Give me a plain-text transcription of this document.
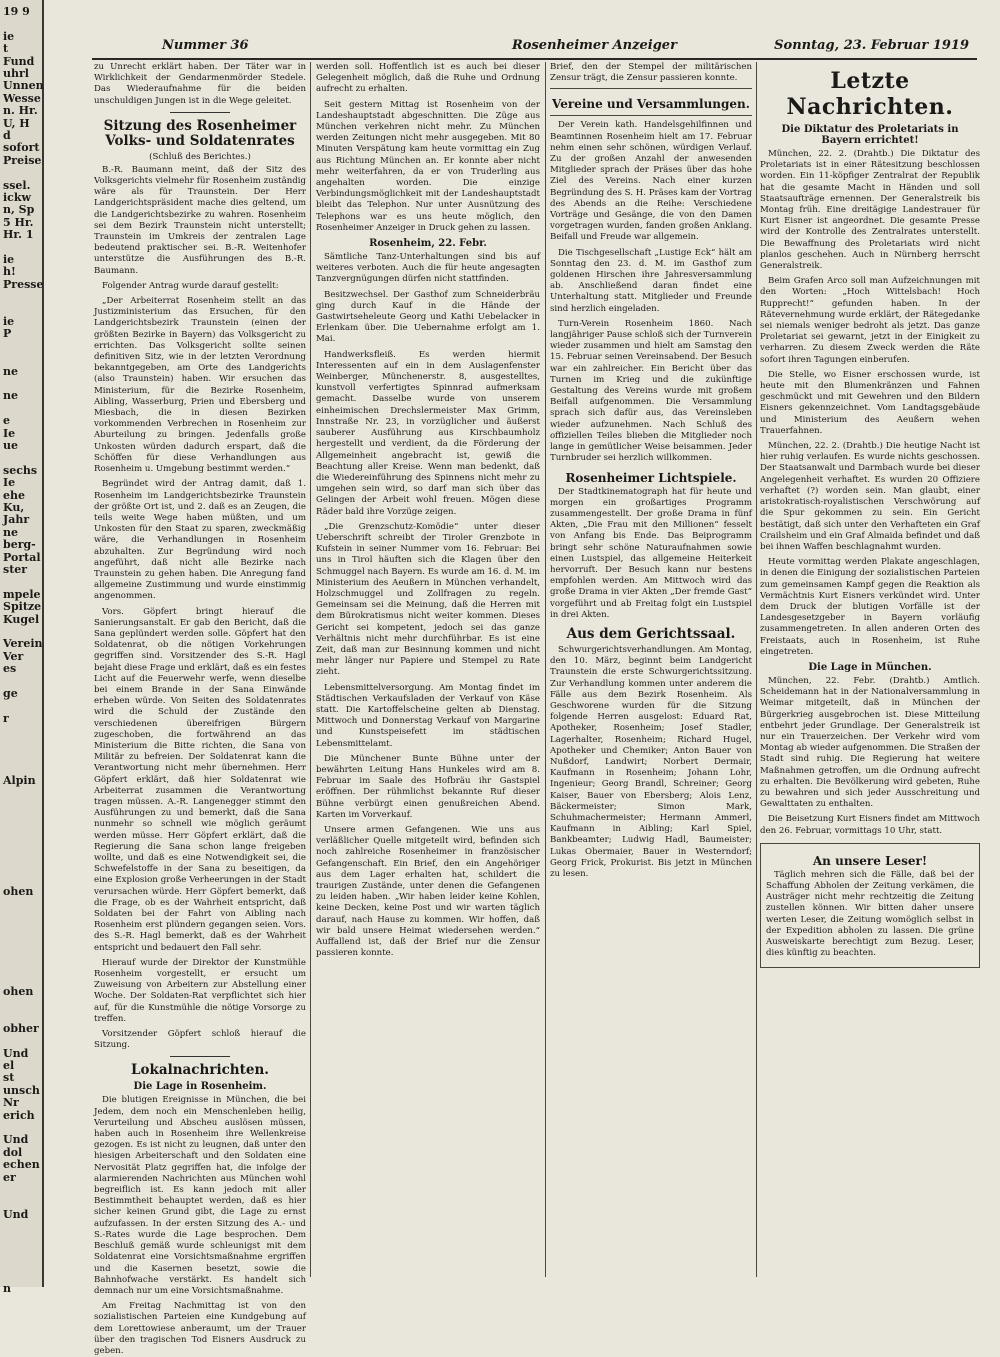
19 9
ie
t
Fund
uhrl
Unnen
Wesse
n. Hr.
U, H
d
sofort
Preise
ssel.
ickw
n, Sp
5 Hr.
Hr. 1
ie
h!
Presse
ie
P
ne
ne
e
Ie
ue
sechs
Ie
ehe
Ku,
Jahr
ne
berg-
Portal
ster
mpele
Spitze
Kugel
Verein
Ver
es
ge
r
Alpin
ohen
ohen
obher
Und
el
st
unsch
Nr
erich
Und
dol
echen
er
Und
n
Nummer 36	Rosenheimer Anzeiger	Sonntag, 23. Februar 1919
zu Unrecht erklärt haben. Der Täter war in Wirklichkeit der Gendarmenmörder Stedele. Das Wiederaufnahme für die beiden unschuldigen Jungen ist in die Wege geleitet.
Sitzung des Rosenheimer Volks- und Soldatenrates
(Schluß des Berichtes.)

B.-R. Baumann meint, daß der Sitz des Volksgerichts vielmehr für Rosenheim zuständig wäre als für Traunstein. Der Herr Landgerichtspräsident mache dies geltend, um die Landgerichtsbezirke zu wahren. Rosenheim sei dem Bezirk Traunstein nicht unterstellt; Traunstein im Umkreis der zentralen Lage bedeutend praktischer sei. B.-R. Weitenhofer unterstütze die Ausführungen des B.-R. Baumann.

Folgender Antrag wurde darauf gestellt:

„Der Arbeiterrat Rosenheim stellt an das Justizministerium das Ersuchen, für den Landgerichtsbezirk Traunstein (einen der größten Bezirke in Bayern) das Volksgericht zu errichten. Das Volksgericht sollte seinen definitiven Sitz, wie in der letzten Verordnung bekanntgegeben, am Orte des Landgerichts (also Traunstein) haben. Wir ersuchen das Ministerium, für die Bezirke Rosenheim, Aibling, Wasserburg, Prien und Ebersberg und Miesbach, die in diesen Bezirken vorkommenden Verbrechen in Rosenheim zur Aburteilung zu bringen. Jedenfalls große Unkosten würden dadurch erspart, daß die Schöffen für diese Verhandlungen aus Rosenheim u. Umgebung bestimmt werden.“

Begründet wird der Antrag damit, daß 1. Rosenheim im Landgerichtsbezirke Traunstein der größte Ort ist, und 2. daß es an Zeugen, die teils weite Wege haben müßten, und um Unkosten für den Staat zu sparen, zweckmäßig wäre, die Verhandlungen in Rosenheim abzuhalten. Zur Begründung wird noch angeführt, daß nicht alle Bezirke nach Traunstein zu gehen haben. Die Anregung fand allgemeine Zustimmung und wurde einstimmig angenommen.

Vors. Göpfert bringt hierauf die Sanierungsanstalt. Er gab den Bericht, daß die Sana geplündert werden solle. Göpfert hat den Soldatenrat, ob die nötigen Vorkehrungen gegriffen sind. Vorsitzender des S.-R. Hagl bejaht diese Frage und erklärt, daß es ein festes Licht auf die Feuerwehr werfe, wenn dieselbe bei einem Brande in der Sana Einwände erheben würde. Von Seiten des Soldatenrates wird die Schuld der Zustände den verschiedenen übereifrigen Bürgern zugeschoben, die fortwährend an das Ministerium die Bitte richten, die Sana von Militär zu befreien. Der Soldatenrat kann die Verantwortung nicht mehr übernehmen. Herr Göpfert erklärt, daß hier Soldatenrat wie Arbeiterrat zusammen die Verantwortung tragen müssen. A.-R. Langenegger stimmt den Ausführungen zu und bemerkt, daß die Sana nunmehr so schnell wie möglich geräumt werden müsse. Herr Göpfert erklärt, daß die Regierung die Sana schon lange freigeben wollte, und daß es eine Notwendigkeit sei, die Schwefelstoffe in der Sana zu beseitigen, da eine Explosion große Verheerungen in der Stadt verursachen würde. Herr Göpfert bemerkt, daß die Frage, ob es der Wahrheit entspricht, daß Soldaten bei der Fahrt von Aibling nach Rosenheim erst plündern gegangen seien. Vors. des S.-R. Hagl bemerkt, daß es der Wahrheit entspricht und bedauert den Fall sehr.

Hierauf wurde der Direktor der Kunstmühle Rosenheim vorgestellt, er ersucht um Zuweisung von Arbeitern zur Abstellung einer Woche. Der Soldaten-Rat verpflichtet sich hier auf, für die Kunstmühle die nötige Vorsorge zu treffen.

Vorsitzender Göpfert schloß hierauf die Sitzung.

Lokalnachrichten.
Die Lage in Rosenheim.

Die blutigen Ereignisse in München, die bei Jedem, dem noch ein Menschenleben heilig, Verurteilung und Abscheu auslösen müssen, haben auch in Rosenheim ihre Wellenkreise gezogen. Es ist nicht zu leugnen, daß unter den hiesigen Arbeiterschaft und den Soldaten eine Nervosität Platz gegriffen hat, die infolge der alarmierenden Nachrichten aus München wohl begreiflich ist. Es kann jedoch mit aller Bestimmtheit behauptet werden, daß es hier sicher keinen Grund gibt, die Lage zu ernst aufzufassen. In der ersten Sitzung des A.- und S.-Rates wurde die Lage besprochen. Dem Beschluß gemäß wurde schleunigst mit dem Soldatenrat eine Vorsichtsmaßnahme ergriffen und die Kasernen besetzt, sowie die Bahnhofwache verstärkt. Es handelt sich demnach nur um eine Vorsichtsmaßnahme.

Am Freitag Nachmittag ist von den sozialistischen Parteien eine Kundgebung auf dem Lorettowiese anberaumt, um der Trauer über den tragischen Tod Eisners Ausdruck zu geben.

werden soll. Hoffentlich ist es auch bei dieser Gelegenheit möglich, daß die Ruhe und Ordnung aufrecht zu erhalten.

Seit gestern Mittag ist Rosenheim von der Landeshauptstadt abgeschnitten. Die Züge aus München verkehren nicht mehr. Zu München werden Zeitungen nicht mehr ausgegeben. Mit 80 Minuten Verspätung kam heute vormittag ein Zug aus Richtung München an. Er konnte aber nicht mehr weiterfahren, da er von Truderling aus angehalten worden. Die einzige Verbindungsmöglichkeit mit der Landeshauptstadt bleibt das Telephon. Nur unter Ausnützung des Telephons war es uns heute möglich, den Rosenheimer Anzeiger in Druck gehen zu lassen.

Rosenheim, 22. Febr.

Sämtliche Tanz-Unterhaltungen sind bis auf weiteres verboten. Auch die für heute angesagten Tanzvergnügungen dürfen nicht stattfinden.

Besitzwechsel. Der Gasthof zum Schneiderbräu ging durch Kauf in die Hände der Gastwirtseheleute Georg und Kathi Uebelacker in Erlenkam über. Die Uebernahme erfolgt am 1. Mai.

Handwerksfleiß. Es werden hiermit Interessenten auf ein in dem Auslagenfenster Weinberger, Münchenerstr. 8, ausgestelltes, kunstvoll verfertigtes Spinnrad aufmerksam gemacht. Dasselbe wurde von unserem einheimischen Drechslermeister Max Grimm, Innstraße Nr. 23, in vorzüglicher und äußerst sauberer Ausführung aus Kirschbaumholz hergestellt und verdient, da die Förderung der Allgemeinheit angebracht ist, gewiß die Beachtung aller Kreise. Wenn man bedenkt, daß die Wiedereinführung des Spinnens nicht mehr zu umgehen sein wird, so darf man sich über das Gelingen der Arbeit wohl freuen. Mögen diese Räder bald ihre Vorzüge zeigen.

„Die Grenzschutz-Komödie“ unter dieser Ueberschrift schreibt der Tiroler Grenzbote in Kufstein in seiner Nummer vom 16. Februar: Bei uns in Tirol häuften sich die Klagen über den Schmuggel nach Bayern. Es wurde am 16. d. M. im Ministerium des Aeußern in München verhandelt, Holzschmuggel und Zollfragen zu regeln. Gemeinsam sei die Meinung, daß die Herren mit dem Bürokratismus nicht weiter kommen. Dieses Gericht sei kompetent, jedoch sei das ganze Verhältnis nicht mehr durchführbar. Es ist eine Zeit, daß man zur Besinnung kommen und nicht mehr länger nur Papiere und Stempel zu Rate zieht.

Lebensmittelversorgung. Am Montag findet im Städtischen Verkaufsladen der Verkauf von Käse statt. Die Kartoffelscheine gelten ab Dienstag. Mittwoch und Donnerstag Verkauf von Margarine und Kunstspeisefett im städtischen Lebensmittelamt.

Die Münchener Bunte Bühne unter der bewährten Leitung Hans Hunkeles wird am 8. Februar im Saale des Hofbräu ihr Gastspiel eröffnen. Der rühmlichst bekannte Ruf dieser Bühne verbürgt einen genußreichen Abend. Karten im Vorverkauf.

Unsere armen Gefangenen. Wie uns aus verläßlicher Quelle mitgeteilt wird, befinden sich noch zahlreiche Rosenheimer in französischer Gefangenschaft. Ein Brief, den ein Angehöriger aus dem Lager erhalten hat, schildert die traurigen Zustände, unter denen die Gefangenen zu leiden haben. „Wir haben leider keine Kohlen, keine Decken, keine Post und wir warten täglich darauf, nach Hause zu kommen. Wir hoffen, daß wir bald unsere Heimat wiedersehen werden.“ Auffallend ist, daß der Brief nur die Zensur passieren konnte.

Brief, den der Stempel der militärischen Zensur trägt, die Zensur passieren konnte.
Vereine und Versammlungen.

Der Verein kath. Handelsgehilfinnen und Beamtinnen Rosenheim hielt am 17. Februar nehm einen sehr schönen, würdigen Verlauf. Zu der großen Anzahl der anwesenden Mitglieder sprach der Präses über das hohe Ziel des Vereins. Nach einer kurzen Begründung des S. H. Präses kam der Vortrag des Abends an die Reihe: Verschiedene Vorträge und Gesänge, die von den Damen vorgetragen wurden, fanden großen Anklang. Beifall und Freude war allgemein.

Die Tischgesellschaft „Lustige Eck“ hält am Sonntag den 23. d. M. im Gasthof zum goldenen Hirschen ihre Jahresversammlung ab. Anschließend daran findet eine Unterhaltung statt. Mitglieder und Freunde sind herzlich eingeladen.

Turn-Verein Rosenheim 1860. Nach langjähriger Pause schloß sich der Turnverein wieder zusammen und hielt am Samstag den 15. Februar seinen Vereinsabend. Der Besuch war ein zahlreicher. Ein Bericht über das Turnen im Krieg und die zukünftige Gestaltung des Vereins wurde mit großem Beifall aufgenommen. Die Versammlung sprach sich dafür aus, das Vereinsleben wieder aufzunehmen. Nach Schluß des offiziellen Teiles blieben die Mitglieder noch lange in gemütlicher Weise beisammen. Jeder Turnbruder sei herzlich willkommen.

Rosenheimer Lichtspiele.

Der Stadtkinematograph hat für heute und morgen ein großartiges Programm zusammengestellt. Der große Drama in fünf Akten, „Die Frau mit den Millionen“ fesselt von Anfang bis Ende. Das Beiprogramm bringt sehr schöne Naturaufnahmen sowie einen Lustspiel, das allgemeine Heiterkeit hervorruft. Der Besuch kann nur bestens empfohlen werden. Am Mittwoch wird das große Drama in vier Akten „Der fremde Gast“ vorgeführt und ab Freitag folgt ein Lustspiel in drei Akten.

Aus dem Gerichtssaal.

Schwurgerichtsverhandlungen. Am Montag, den 10. März, beginnt beim Landgericht Traunstein die erste Schwurgerichtssitzung. Zur Verhandlung kommen unter anderem die Fälle aus dem Bezirk Rosenheim. Als Geschworene wurden für die Sitzung folgende Herren ausgelost: Eduard Rat, Apotheker, Rosenheim; Josef Stadler, Lagerhalter, Rosenheim; Richard Hugel, Apotheker und Chemiker; Anton Bauer von Nußdorf, Landwirt; Norbert Dermair, Kaufmann in Rosenheim; Johann Lohr, Ingenieur; Georg Brandl, Schreiner; Georg Kaiser, Bauer von Ebersberg; Alois Lenz, Bäckermeister; Simon Mark, Schuhmachermeister; Hermann Ammerl, Kaufmann in Aibling; Karl Spiel, Bankbeamter; Ludwig Hadl, Baumeister; Lukas Obermaier, Bauer in Westerndorf; Georg Frick, Prokurist. Bis jetzt in München zu lesen.

Letzte Nachrichten.
Die Diktatur des Proletariats in Bayern errichtet!

München, 22. 2. (Drahtb.) Die Diktatur des Proletariats ist in einer Rätesitzung beschlossen worden. Ein 11-köpfiger Zentralrat der Republik hat die gesamte Macht in Händen und soll Staatsaufträge ernennen. Der Generalstreik bis Montag früh. Eine dreitägige Landestrauer für Kurt Eisner ist angeordnet. Die gesamte Presse wird der Kontrolle des Zentralrates unterstellt. Die Bewaffnung des Proletariats wird nicht planlos geschehen. Auch in Nürnberg herrscht Generalstreik.

Beim Grafen Arco soll man Aufzeichnungen mit den Worten: „Hoch Wittelsbach! Hoch Rupprecht!“ gefunden haben. In der Rätevernehmung wurde erklärt, der Rätegedanke sei niemals weniger bedroht als jetzt. Das ganze Proletariat sei gewarnt, jetzt in der Einigkeit zu verharren. Zu diesem Zweck werden die Räte sofort ihren Tagungen einberufen.

Die Stelle, wo Eisner erschossen wurde, ist heute mit den Blumenkränzen und Fahnen geschmückt und mit Gewehren und den Bildern Eisners gekennzeichnet. Vom Landtagsgebäude und Ministerium des Aeußern wehen Trauerfahnen.

München, 22. 2. (Drahtb.) Die heutige Nacht ist hier ruhig verlaufen. Es wurde nichts geschossen. Der Staatsanwalt und Darmbach wurde bei dieser Angelegenheit verhaftet. Es wurden 20 Offiziere verhaftet (?) worden sein. Man glaubt, einer aristokratisch-royalistischen Verschwörung auf die Spur gekommen zu sein. Ein Gericht bestätigt, daß sich unter den Verhafteten ein Graf Crailsheim und ein Graf Almaida befindet und daß bei ihnen Waffen beschlagnahmt wurden.

Heute vormittag werden Plakate angeschlagen, in denen die Einigung der sozialistischen Parteien zum gemeinsamen Kampf gegen die Reaktion als Vermächtnis Kurt Eisners verkündet wird. Unter dem Druck der blutigen Vorfälle ist der Landesgesetzgeber in Bayern vorläufig zusammengetreten. In allen anderen Orten des Freistaats, auch in Rosenheim, ist Ruhe eingetreten.

Die Lage in München.

München, 22. Febr. (Drahtb.) Amtlich. Scheidemann hat in der Nationalversammlung in Weimar mitgeteilt, daß in München der Bürgerkrieg ausgebrochen ist. Diese Mitteilung entbehrt jeder Grundlage. Der Generalstreik ist nur ein Trauerzeichen. Der Verkehr wird vom Montag ab wieder aufgenommen. Die Straßen der Stadt sind ruhig. Die Regierung hat weitere Maßnahmen getroffen, um die Ordnung aufrecht zu erhalten. Die Bevölkerung wird gebeten, Ruhe zu bewahren und sich jeder Ausschreitung und Gewalttaten zu enthalten.

Die Beisetzung Kurt Eisners findet am Mittwoch den 26. Februar, vormittags 10 Uhr, statt.

An unsere Leser!

Täglich mehren sich die Fälle, daß bei der Schaffung Abholen der Zeitung verkämen, die Austräger nicht mehr rechtzeitig die Zeitung zustellen können. Wir bitten daher unsere werten Leser, die Zeitung womöglich selbst in der Expedition abholen zu lassen. Die grüne Ausweiskarte berechtigt zum Bezug. Leser, dies künftig zu beachten.
